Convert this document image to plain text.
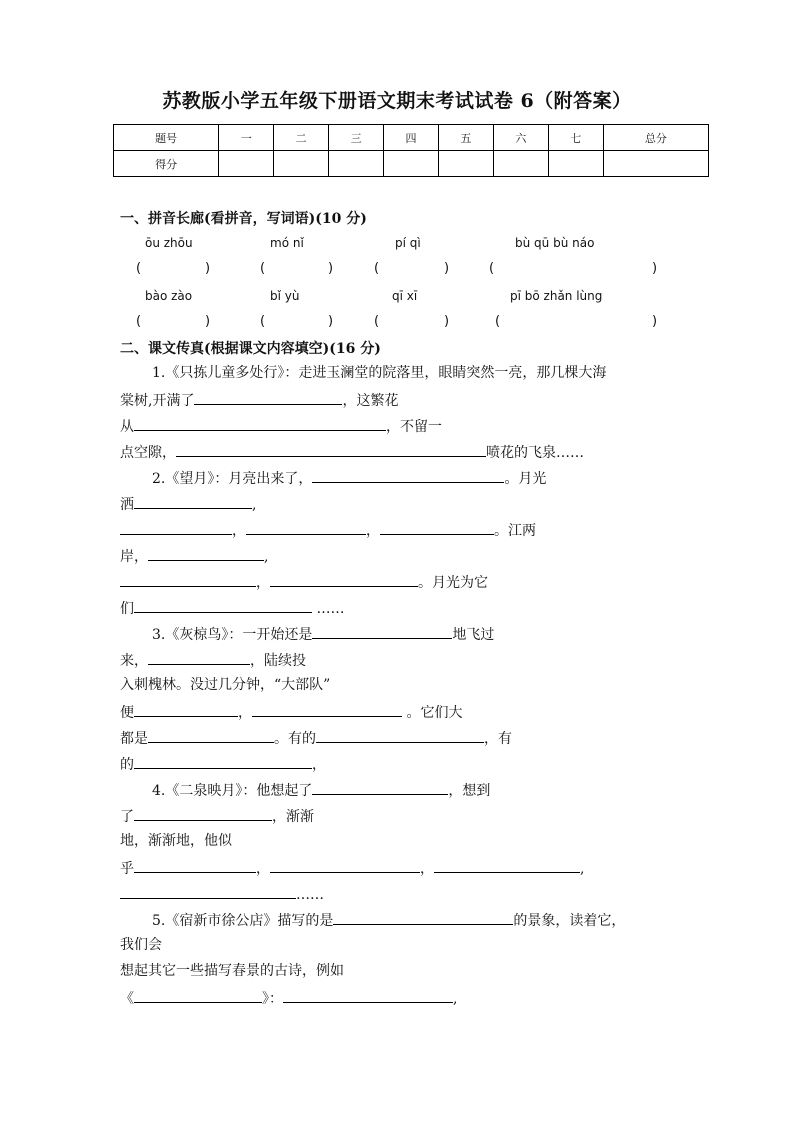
苏教版小学五年级下册语文期末考试试卷 6（附答案）
题号	一	二	三	四	五	六	七	总分
得分								
一、拼音长廊(看拼音，写词语)(10 分)
ōu zhōu	mó nǐ	pí qì	bù qū bù náo
(	)	(	)	(	)	(	)
bào zào	bǐ yù	qī xī	pī bō zhǎn lùng
(	)	(	)	(	)	(	)
二、课文传真(根据课文内容填空)(16 分)
1.《只拣儿童多处行》：走进玉澜堂的院落里，眼睛突然一亮，那几棵大海
棠树,开满了	，这繁花
从	，不留一
点空隙，	喷花的飞泉……
2.《望月》：月亮出来了，	。月光
洒	,
，	，	。江两
岸，	,
，	。月光为它
们	……
3.《灰椋鸟》：一开始还是	地飞过
来，	，陆续投
入刺槐林。没过几分钟，“大部队”
便	，	。它们大
都是	。有的	，有
的	，
4.《二泉映月》：他想起了	，想到
了	，渐渐
地，渐渐地，他似
乎	，	，	,
……
5.《宿新市徐公店》描写的是	的景象，读着它，
我们会
想起其它一些描写春景的古诗，例如
《	》：	,
